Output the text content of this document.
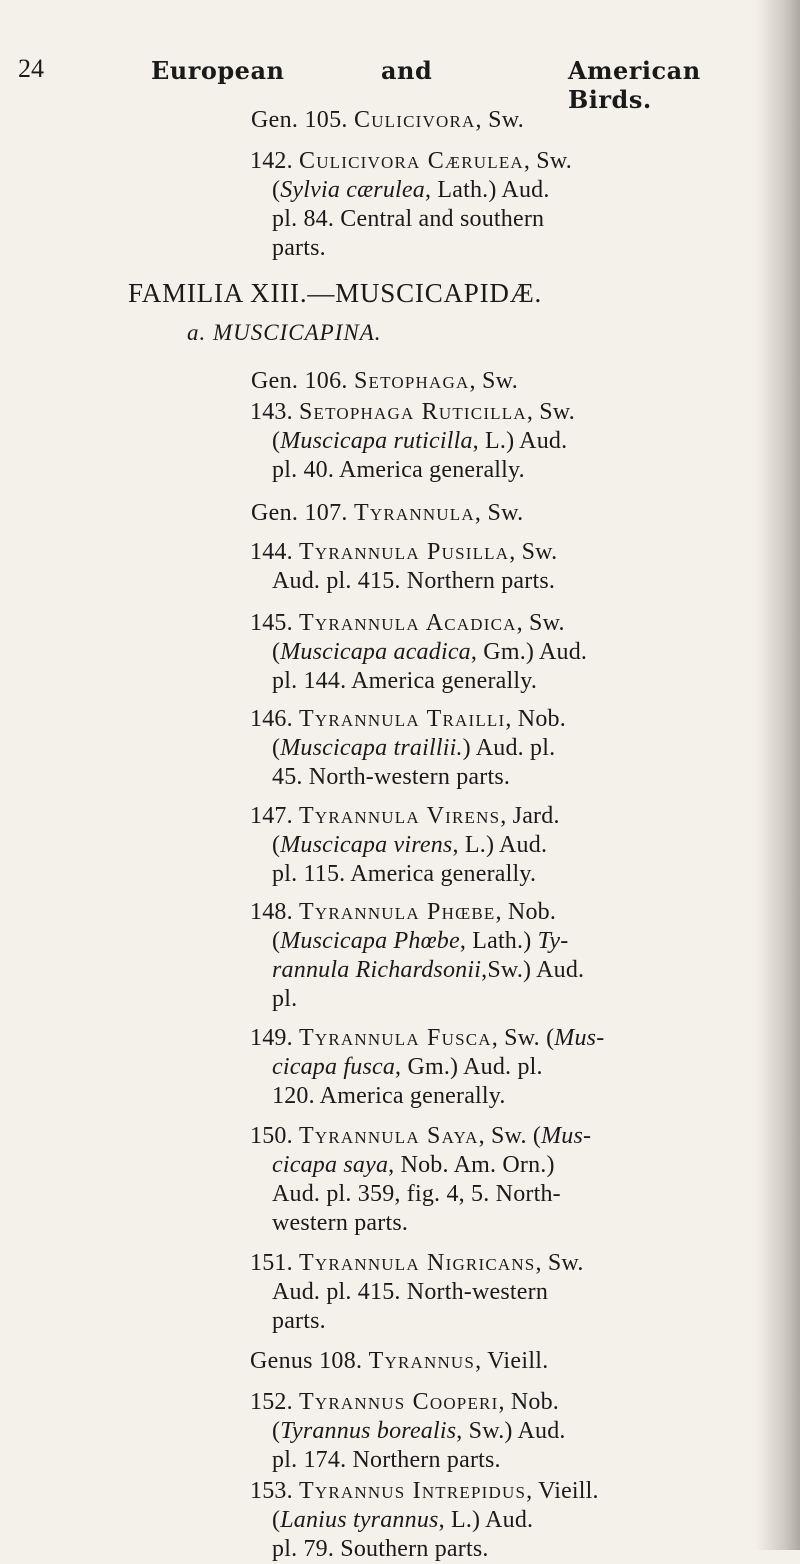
24	European	and	American Birds.
Gen. 105. Culicivora, Sw.
142. Culicivora Cærulea, Sw.
(Sylvia cærulea, Lath.) Aud.
pl. 84. Central and southern
parts.
FAMILIA XIII.—MUSCICAPIDÆ.
a. MUSCICAPINA.
Gen. 106. Setophaga, Sw.
143. Setophaga Ruticilla, Sw.
(Muscicapa ruticilla, L.) Aud.
pl. 40. America generally.
Gen. 107. Tyrannula, Sw.
144. Tyrannula Pusilla, Sw.
Aud. pl. 415. Northern parts.
145. Tyrannula Acadica, Sw.
(Muscicapa acadica, Gm.) Aud.
pl. 144. America generally.
146. Tyrannula Trailli, Nob.
(Muscicapa traillii.) Aud. pl.
45. North-western parts.
147. Tyrannula Virens, Jard.
(Muscicapa virens, L.) Aud.
pl. 115. America generally.
148. Tyrannula Phœbe, Nob.
(Muscicapa Phœbe, Lath.) Ty-
rannula Richardsonii,Sw.) Aud.
pl.
149. Tyrannula Fusca, Sw. (Mus-
cicapa fusca, Gm.) Aud. pl.
120. America generally.
150. Tyrannula Saya, Sw. (Mus-
cicapa saya, Nob. Am. Orn.)
Aud. pl. 359, fig. 4, 5. North-
western parts.
151. Tyrannula Nigricans, Sw.
Aud. pl. 415. North-western
parts.
Genus 108. Tyrannus, Vieill.
152. Tyrannus Cooperi, Nob.
(Tyrannus borealis, Sw.) Aud.
pl. 174. Northern parts.
153. Tyrannus Intrepidus, Vieill.
(Lanius tyrannus, L.) Aud.
pl. 79. Southern parts.
